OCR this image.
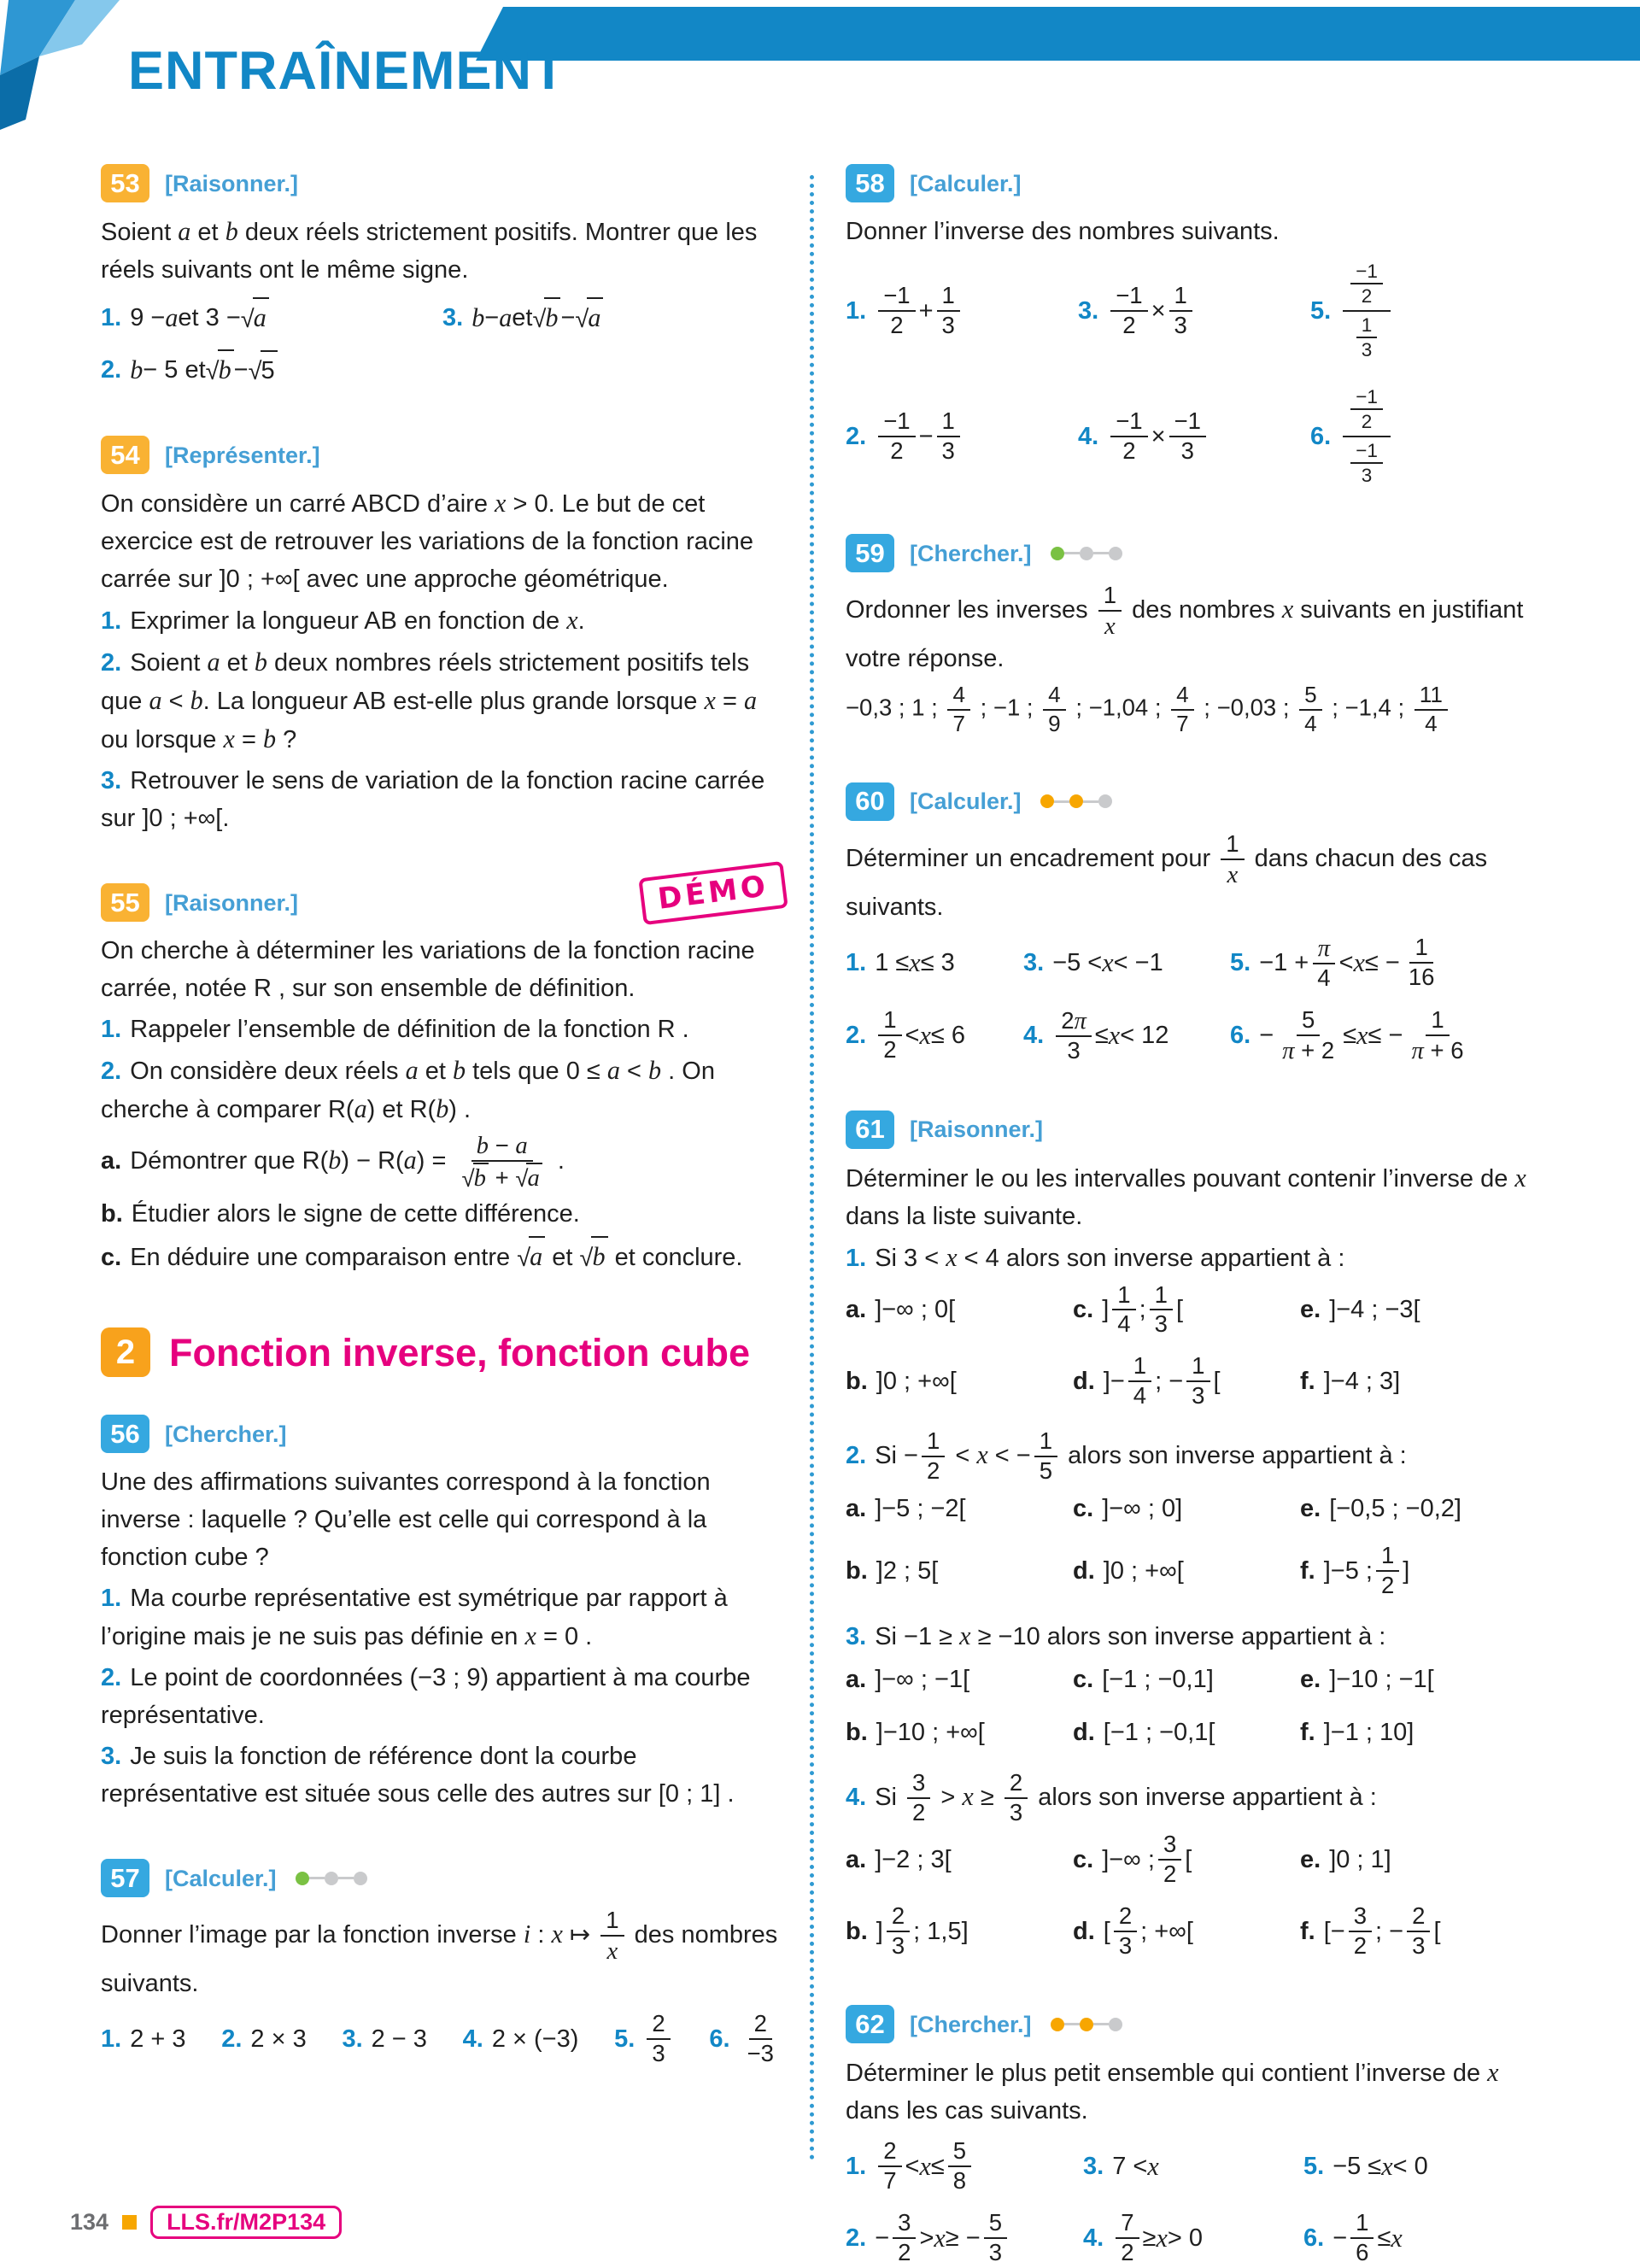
ENTRAÎNEMENT
53	[Raisonner.]

Soient a et b deux réels strictement positifs. Montrer que les réels suivants ont le même signe.

1. 9 − a et 3 − √a	3. b − a et √b − √a
2. b − 5 et √b − √5
54	[Représenter.]

On considère un carré ABCD d’aire x > 0. Le but de cet exercice est de retrouver les variations de la fonction racine carrée sur ]0 ; +∞[ avec une approche géométrique.

1. Exprimer la longueur AB en fonction de x.

2. Soient a et b deux nombres réels strictement positifs tels que a < b. La longueur AB est-elle plus grande lorsque x = a ou lorsque x = b ?

3. Retrouver le sens de variation de la fonction racine carrée sur ]0 ; +∞[.

55	[Raisonner.]	DÉMO

On cherche à déterminer les variations de la fonction racine carrée, notée R , sur son ensemble de définition.

1. Rappeler l’ensemble de définition de la fonction R .

2. On considère deux réels a et b tels que 0 ≤ a < b . On cherche à comparer R(a) et R(b) .

a. Démontrer que $R(b) - R(a) = \frac{b - a}{√b + √a}$ .

b. Étudier alors le signe de cette différence.

c. En déduire une comparaison entre √a et √b et conclure.

2 Fonction inverse, fonction cube
56	[Chercher.]

Une des affirmations suivantes correspond à la fonction inverse : laquelle ? Qu’elle est celle qui correspond à la fonction cube ?

1. Ma courbe représentative est symétrique par rapport à l’origine mais je ne suis pas définie en x = 0 .

2. Le point de coordonnées (−3 ; 9) appartient à ma courbe représentative.

3. Je suis la fonction de référence dont la courbe représentative est située sous celle des autres sur [0 ; 1] .

57	[Calculer.]

Donner l’image par la fonction inverse i : x ↦ $\frac{1}{x}$ des nombres suivants.

1. 2 + 3 2. 2 × 3 3. 2 − 3 4. 2 × (−3) 5. $\frac{2}{3} 6$. $\frac{2}{-3}$
58	[Calculer.]

Donner l’inverse des nombres suivants.

1. $\frac{-1}{2} + \frac{1}{3}$	3. $\frac{-1}{2} \times \frac{1}{3}$	5. $\frac{\frac{-1}{2}}{\frac{1}{3}}$
2. $\frac{-1}{2} - \frac{1}{3}$	4. $\frac{-1}{2} \times \frac{-1}{3}$	6. $\frac{\frac{-1}{2}}{\frac{-1}{3}}$
59	[Chercher.]

Ordonner les inverses $\frac{1}{x}$ des nombres x suivants en justifiant votre réponse.

−0,3 ; 1 ; $\frac{4}{7}$ ; −1 ; $\frac{4}{9}$ ; −1,04 ; $\frac{4}{7}$ ; −0,03 ; $\frac{5}{4}$ ; −1,4 ; $\frac{11}{4}$

60	[Calculer.]

Déterminer un encadrement pour $\frac{1}{x}$ dans chacun des cas suivants.

1. 1 ≤ x ≤ 3	3. −5 < x < −1	5. $-1 + \frac{\pi}{4} < x$ ≤ − $\frac{1}{16}$
2. $\frac{1}{2} < x \le 6$ 4. $\frac{2\pi}{3} \le x < 12$ 6. − $\frac{5}{\pi + 2} \le x$ ≤ − $\frac{1}{\pi + 6}$
61	[Raisonner.]

Déterminer le ou les intervalles pouvant contenir l’inverse de x dans la liste suivante.

1. Si 3 < x < 4 alors son inverse appartient à :

a. ]−∞ ; 0[	c. ] $\frac{1}{4}$ ; $\frac{1}{3}$ [	e. ]−4 ; −3[
b. ]0 ; +∞[	d. ]− $\frac{1}{4}$ ; − $\frac{1}{3}$ [	f. ]−4 ; 3]

2. $Si - \frac{1}{2} < x$ < − $\frac{1}{5}$ alors son inverse appartient à :

a. ]−5 ; −2[	c. ]−∞ ; 0]	e. [−0,5 ; −0,2]
b. ]2 ; 5[	d. ]0 ; +∞[	f. ]−5 ; $\frac{1}{2}$ ]

3. Si −1 ≥ x ≥ −10 alors son inverse appartient à :

a. ]−∞ ; −1[	c. [−1 ; −0,1]	e. ]−10 ; −1[
b. ]−10 ; +∞[	d. [−1 ; −0,1[	f. ]−1 ; 10]

4. Si $\frac{3}{2} > x \ge \frac{2}{3}$ alors son inverse appartient à :

a. ]−2 ; 3[	c. ]−∞ ; $\frac{3}{2}$ [	e. ]0 ; 1]
b. ] $\frac{2}{3}$ ; 1,5]	d. [ $\frac{2}{3}$ ; +∞[	f. [− $\frac{3}{2}$ ; − $\frac{2}{3}$ [
62	[Chercher.]

Déterminer le plus petit ensemble qui contient l’inverse de x dans les cas suivants.

1. $\frac{2}{7} < x \le \frac{5}{8}$	3. 7 < x	5. −5 ≤ x < 0
2. − $\frac{3}{2} > x$ ≥ − $\frac{5}{3}$	4. $\frac{7}{2} \ge x > 0$	6. − $\frac{1}{6} \le x$
134	LLS.fr/M2P134
